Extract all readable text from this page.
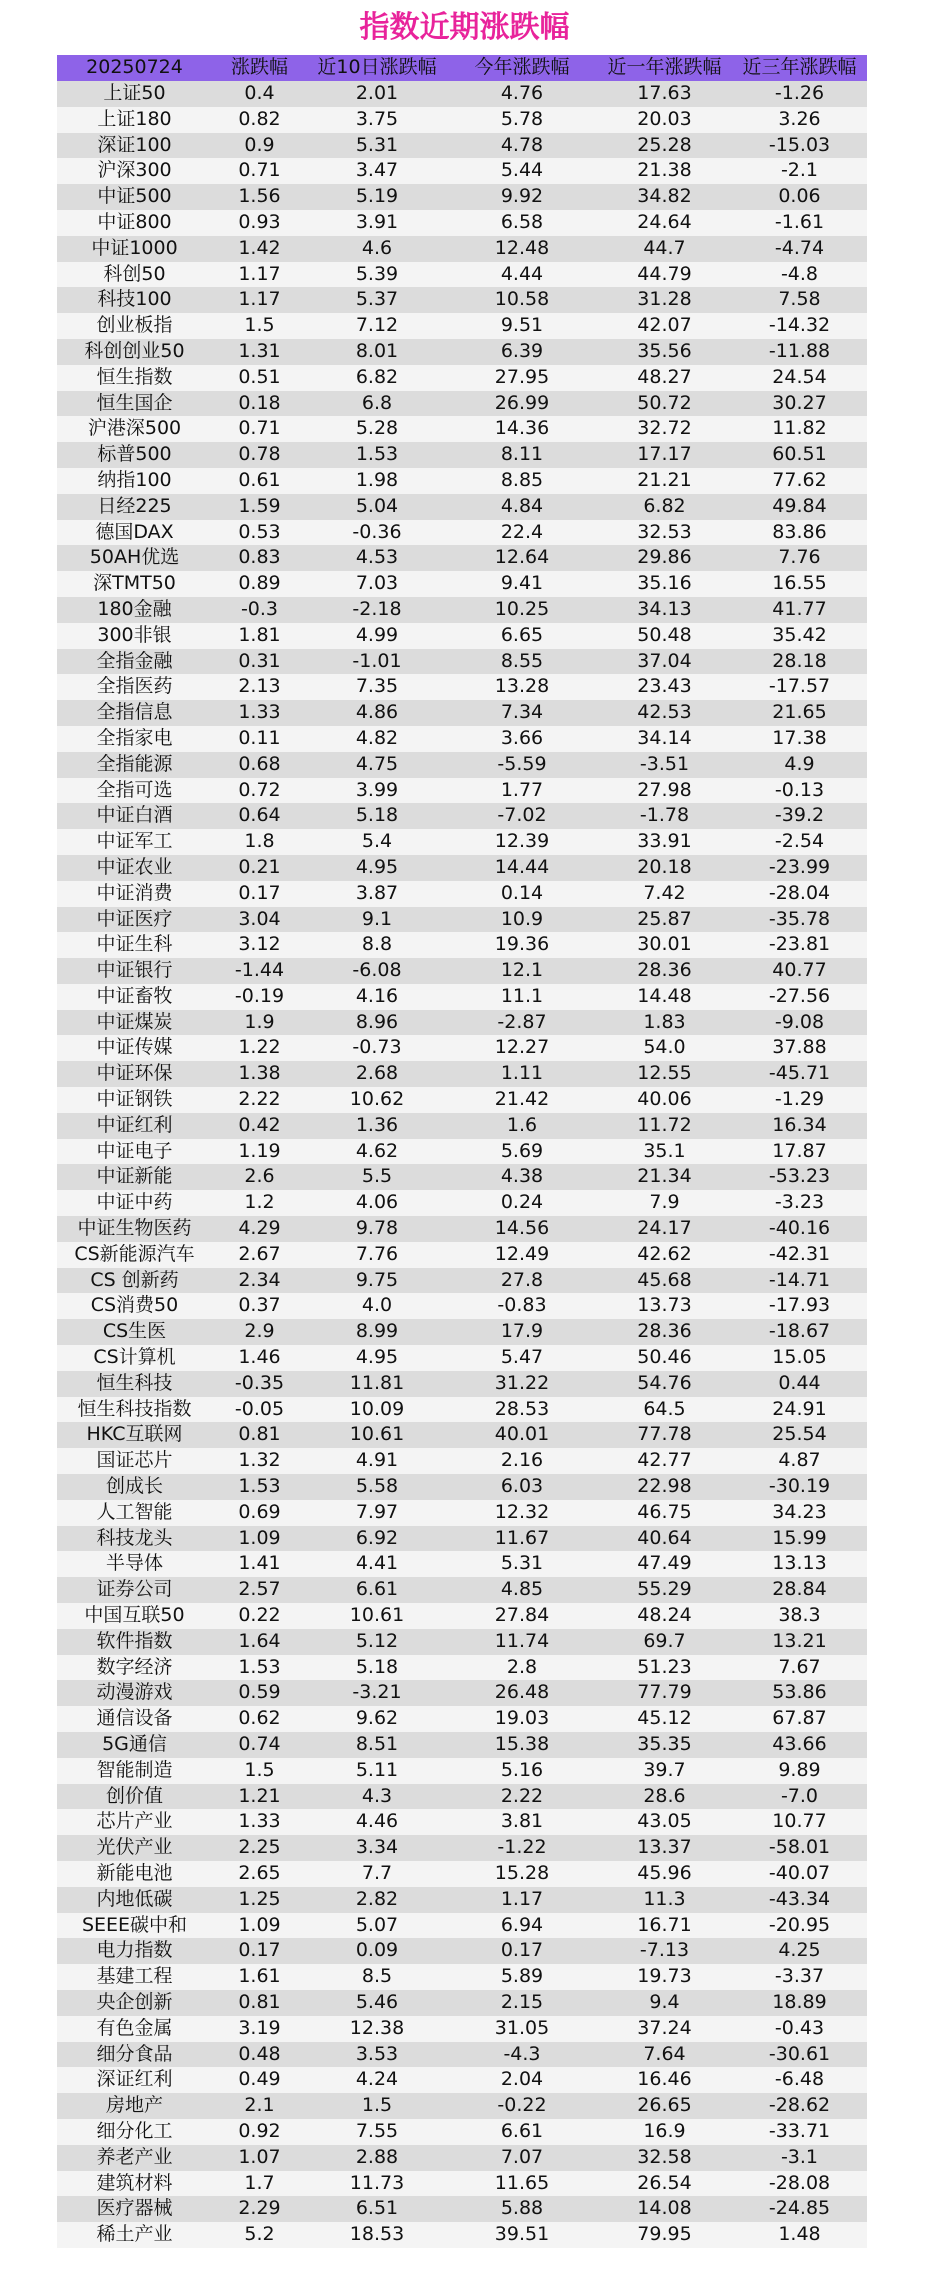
指数近期涨跌幅
20250724	涨跌幅	近10日涨跌幅	今年涨跌幅	近一年涨跌幅	近三年涨跌幅
上证50	0.4	2.01	4.76	17.63	-1.26
上证180	0.82	3.75	5.78	20.03	3.26
深证100	0.9	5.31	4.78	25.28	-15.03
沪深300	0.71	3.47	5.44	21.38	-2.1
中证500	1.56	5.19	9.92	34.82	0.06
中证800	0.93	3.91	6.58	24.64	-1.61
中证1000	1.42	4.6	12.48	44.7	-4.74
科创50	1.17	5.39	4.44	44.79	-4.8
科技100	1.17	5.37	10.58	31.28	7.58
创业板指	1.5	7.12	9.51	42.07	-14.32
科创创业50	1.31	8.01	6.39	35.56	-11.88
恒生指数	0.51	6.82	27.95	48.27	24.54
恒生国企	0.18	6.8	26.99	50.72	30.27
沪港深500	0.71	5.28	14.36	32.72	11.82
标普500	0.78	1.53	8.11	17.17	60.51
纳指100	0.61	1.98	8.85	21.21	77.62
日经225	1.59	5.04	4.84	6.82	49.84
德国DAX	0.53	-0.36	22.4	32.53	83.86
50AH优选	0.83	4.53	12.64	29.86	7.76
深TMT50	0.89	7.03	9.41	35.16	16.55
180金融	-0.3	-2.18	10.25	34.13	41.77
300非银	1.81	4.99	6.65	50.48	35.42
全指金融	0.31	-1.01	8.55	37.04	28.18
全指医药	2.13	7.35	13.28	23.43	-17.57
全指信息	1.33	4.86	7.34	42.53	21.65
全指家电	0.11	4.82	3.66	34.14	17.38
全指能源	0.68	4.75	-5.59	-3.51	4.9
全指可选	0.72	3.99	1.77	27.98	-0.13
中证白酒	0.64	5.18	-7.02	-1.78	-39.2
中证军工	1.8	5.4	12.39	33.91	-2.54
中证农业	0.21	4.95	14.44	20.18	-23.99
中证消费	0.17	3.87	0.14	7.42	-28.04
中证医疗	3.04	9.1	10.9	25.87	-35.78
中证生科	3.12	8.8	19.36	30.01	-23.81
中证银行	-1.44	-6.08	12.1	28.36	40.77
中证畜牧	-0.19	4.16	11.1	14.48	-27.56
中证煤炭	1.9	8.96	-2.87	1.83	-9.08
中证传媒	1.22	-0.73	12.27	54.0	37.88
中证环保	1.38	2.68	1.11	12.55	-45.71
中证钢铁	2.22	10.62	21.42	40.06	-1.29
中证红利	0.42	1.36	1.6	11.72	16.34
中证电子	1.19	4.62	5.69	35.1	17.87
中证新能	2.6	5.5	4.38	21.34	-53.23
中证中药	1.2	4.06	0.24	7.9	-3.23
中证生物医药	4.29	9.78	14.56	24.17	-40.16
CS新能源汽车	2.67	7.76	12.49	42.62	-42.31
CS 创新药	2.34	9.75	27.8	45.68	-14.71
CS消费50	0.37	4.0	-0.83	13.73	-17.93
CS生医	2.9	8.99	17.9	28.36	-18.67
CS计算机	1.46	4.95	5.47	50.46	15.05
恒生科技	-0.35	11.81	31.22	54.76	0.44
恒生科技指数	-0.05	10.09	28.53	64.5	24.91
HKC互联网	0.81	10.61	40.01	77.78	25.54
国证芯片	1.32	4.91	2.16	42.77	4.87
创成长	1.53	5.58	6.03	22.98	-30.19
人工智能	0.69	7.97	12.32	46.75	34.23
科技龙头	1.09	6.92	11.67	40.64	15.99
半导体	1.41	4.41	5.31	47.49	13.13
证券公司	2.57	6.61	4.85	55.29	28.84
中国互联50	0.22	10.61	27.84	48.24	38.3
软件指数	1.64	5.12	11.74	69.7	13.21
数字经济	1.53	5.18	2.8	51.23	7.67
动漫游戏	0.59	-3.21	26.48	77.79	53.86
通信设备	0.62	9.62	19.03	45.12	67.87
5G通信	0.74	8.51	15.38	35.35	43.66
智能制造	1.5	5.11	5.16	39.7	9.89
创价值	1.21	4.3	2.22	28.6	-7.0
芯片产业	1.33	4.46	3.81	43.05	10.77
光伏产业	2.25	3.34	-1.22	13.37	-58.01
新能电池	2.65	7.7	15.28	45.96	-40.07
内地低碳	1.25	2.82	1.17	11.3	-43.34
SEEE碳中和	1.09	5.07	6.94	16.71	-20.95
电力指数	0.17	0.09	0.17	-7.13	4.25
基建工程	1.61	8.5	5.89	19.73	-3.37
央企创新	0.81	5.46	2.15	9.4	18.89
有色金属	3.19	12.38	31.05	37.24	-0.43
细分食品	0.48	3.53	-4.3	7.64	-30.61
深证红利	0.49	4.24	2.04	16.46	-6.48
房地产	2.1	1.5	-0.22	26.65	-28.62
细分化工	0.92	7.55	6.61	16.9	-33.71
养老产业	1.07	2.88	7.07	32.58	-3.1
建筑材料	1.7	11.73	11.65	26.54	-28.08
医疗器械	2.29	6.51	5.88	14.08	-24.85
稀土产业	5.2	18.53	39.51	79.95	1.48
